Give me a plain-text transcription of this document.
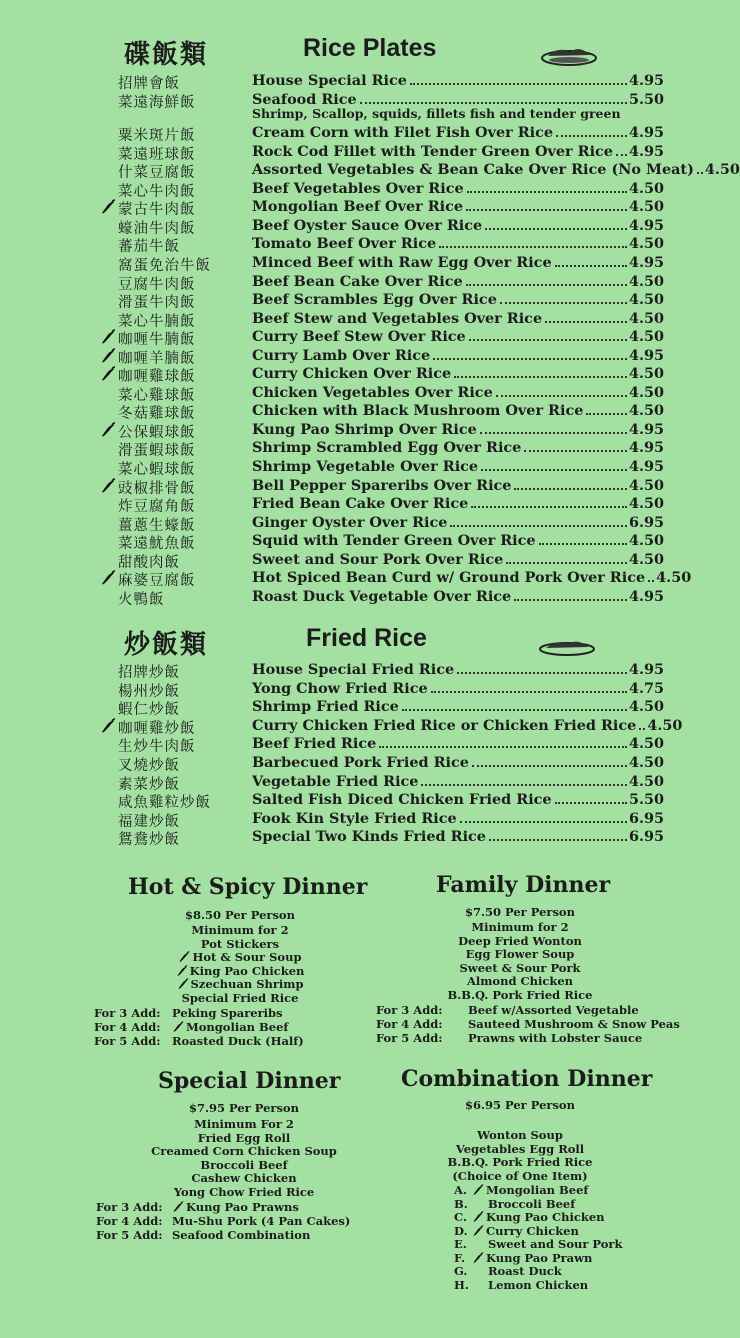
碟飯類	Rice Plates
招牌會飯	House Special Rice	4.95
菜遠海鮮飯	Seafood Rice	5.50
Shrimp, Scallop, squids, fillets fish and tender green
粟米斑片飯	Cream Corn with Filet Fish Over Rice	4.95
菜遠班球飯	Rock Cod Fillet with Tender Green Over Rice 4.95
什菜豆腐飯	Assorted Vegetables & Bean Cake Over Rice (No Meat) 4.50
菜心牛肉飯	Beef Vegetables Over Rice	4.50
蒙古牛肉飯	Mongolian Beef Over Rice	4.50
蠔油牛肉飯	Beef Oyster Sauce Over Rice	4.95
蕃茄牛飯	Tomato Beef Over Rice	4.50
窩蛋免治牛飯	Minced Beef with Raw Egg Over Rice	4.95
豆腐牛肉飯	Beef Bean Cake Over Rice	4.50
滑蛋牛肉飯	Beef Scrambles Egg Over Rice	4.50
菜心牛腩飯	Beef Stew and Vegetables Over Rice	4.50
咖喱牛腩飯	Curry Beef Stew Over Rice	4.50
咖喱羊腩飯	Curry Lamb Over Rice	4.95
咖喱雞球飯	Curry Chicken Over Rice	4.50
菜心雞球飯	Chicken Vegetables Over Rice	4.50
冬菇雞球飯	Chicken with Black Mushroom Over Rice	4.50
公保蝦球飯	Kung Pao Shrimp Over Rice	4.95
滑蛋蝦球飯	Shrimp Scrambled Egg Over Rice	4.95
菜心蝦球飯	Shrimp Vegetable Over Rice	4.95
豉椒排骨飯	Bell Pepper Spareribs Over Rice	4.50
炸豆腐角飯	Fried Bean Cake Over Rice	4.50
薑蔥生蠔飯	Ginger Oyster Over Rice	6.95
菜遠魷魚飯	Squid with Tender Green Over Rice	4.50
甜酸肉飯	Sweet and Sour Pork Over Rice	4.50
麻婆豆腐飯	Hot Spiced Bean Curd w/ Ground Pork Over Rice 4.50
火鴨飯	Roast Duck Vegetable Over Rice	4.95
炒飯類	Fried Rice
招牌炒飯	House Special Fried Rice	4.95
楊州炒飯	Yong Chow Fried Rice	4.75
蝦仁炒飯	Shrimp Fried Rice	4.50
咖喱雞炒飯	Curry Chicken Fried Rice or Chicken Fried Rice 4.50
生炒牛肉飯	Beef Fried Rice	4.50
叉燒炒飯	Barbecued Pork Fried Rice	4.50
素菜炒飯	Vegetable Fried Rice	4.50
咸魚雞粒炒飯	Salted Fish Diced Chicken Fried Rice	5.50
福建炒飯	Fook Kin Style Fried Rice	6.95
鴛鴦炒飯	Special Two Kinds Fried Rice	6.95
Hot & Spicy Dinner
$8.50 Per Person
Minimum for 2
Pot Stickers
Hot & Sour Soup
King Pao Chicken
Szechuan Shrimp
Special Fried Rice
For 3 Add: Peking Spareribs
For 4 Add:	Mongolian Beef
For 5 Add: Roasted Duck (Half)
Family Dinner
$7.50 Per Person
Minimum for 2
Deep Fried Wonton
Egg Flower Soup
Sweet & Sour Pork
Almond Chicken
B.B.Q. Pork Fried Rice
For 3 Add: Beef w/Assorted Vegetable
For 4 Add: Sauteed Mushroom & Snow Peas
For 5 Add: Prawns with Lobster Sauce
Special Dinner
$7.95 Per Person
Minimum For 2
Fried Egg Roll
Creamed Corn Chicken Soup
Broccoli Beef
Cashew Chicken
Yong Chow Fried Rice
For 3 Add:	Kung Pao Prawns
For 4 Add: Mu-Shu Pork (4 Pan Cakes)
For 5 Add: Seafood Combination
Combination Dinner
$6.95 Per Person
Wonton Soup
Vegetables Egg Roll
B.B.Q. Pork Fried Rice
(Choice of One Item)
A.	Mongolian Beef
B. Broccoli Beef
C.	Kung Pao Chicken
D.	Curry Chicken
E. Sweet and Sour Pork
F.	Kung Pao Prawn
G. Roast Duck
H. Lemon Chicken
